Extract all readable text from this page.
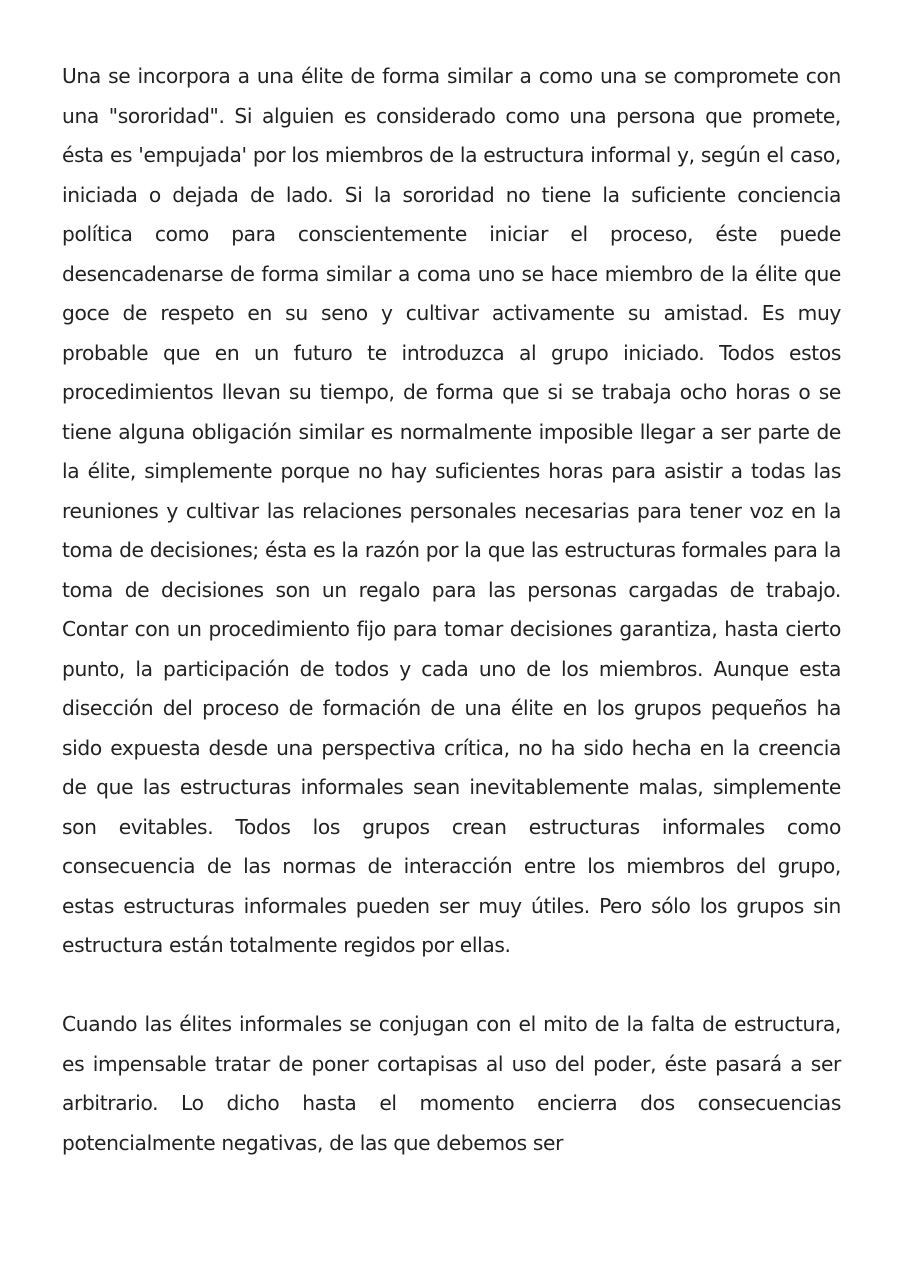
Una se incorpora a una élite de forma similar a como una se compromete con una "sororidad". Si alguien es considerado como una persona que promete, ésta es 'empujada' por los miembros de la estructura informal y, según el caso, iniciada o dejada de lado. Si la sororidad no tiene la suficiente conciencia política como para conscientemente iniciar el proceso, éste puede desencadenarse de forma similar a coma uno se hace miembro de la élite que goce de respeto en su seno y cultivar activamente su amistad. Es muy probable que en un futuro te introduzca al grupo iniciado. Todos estos procedimientos llevan su tiempo, de forma que si se trabaja ocho horas o se tiene alguna obligación similar es normalmente imposible llegar a ser parte de la élite, simplemente porque no hay suficientes horas para asistir a todas las reuniones y cultivar las relaciones personales necesarias para tener voz en la toma de decisiones; ésta es la razón por la que las estructuras formales para la toma de decisiones son un regalo para las personas cargadas de trabajo. Contar con un procedimiento fijo para tomar decisiones garantiza, hasta cierto punto, la participación de todos y cada uno de los miembros. Aunque esta disección del proceso de formación de una élite en los grupos pequeños ha sido expuesta desde una perspectiva crítica, no ha sido hecha en la creencia de que las estructuras informales sean inevitablemente malas, simplemente son evitables. Todos los grupos crean estructuras informales como consecuencia de las normas de interacción entre los miembros del grupo, estas estructuras informales pueden ser muy útiles. Pero sólo los grupos sin estructura están totalmente regidos por ellas.

Cuando las élites informales se conjugan con el mito de la falta de estructura, es impensable tratar de poner cortapisas al uso del poder, éste pasará a ser arbitrario. Lo dicho hasta el momento encierra dos consecuencias potencialmente negativas, de las que debemos ser
